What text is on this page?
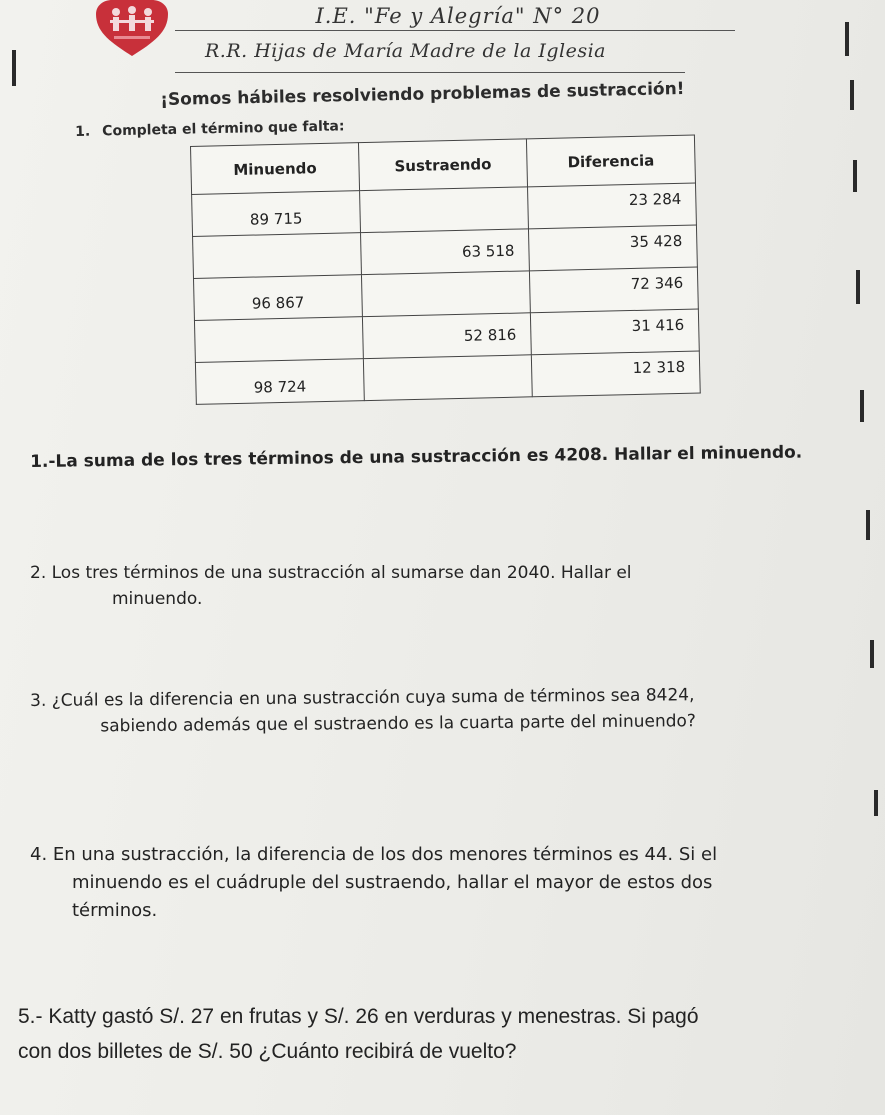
I.E. "Fe y Alegría" N° 20
R.R. Hijas de María Madre de la Iglesia
¡Somos hábiles resolviendo problemas de sustracción!
1. Completa el término que falta:
Minuendo	Sustraendo	Diferencia
89 715		23 284
	63 518	35 428
96 867		72 346
	52 816	31 416
98 724		12 318
1.-La suma de los tres términos de una sustracción es 4208. Hallar el minuendo.
2. Los tres términos de una sustracción al sumarse dan 2040. Hallar el
minuendo.
3. ¿Cuál es la diferencia en una sustracción cuya suma de términos sea 8424,
sabiendo además que el sustraendo es la cuarta parte del minuendo?
4. En una sustracción, la diferencia de los dos menores términos es 44. Si el
minuendo es el cuádruple del sustraendo, hallar el mayor de estos dos
términos.
5.- Katty gastó S/. 27 en frutas y S/. 26 en verduras y menestras. Si pagó
con dos billetes de S/. 50 ¿Cuánto recibirá de vuelto?
